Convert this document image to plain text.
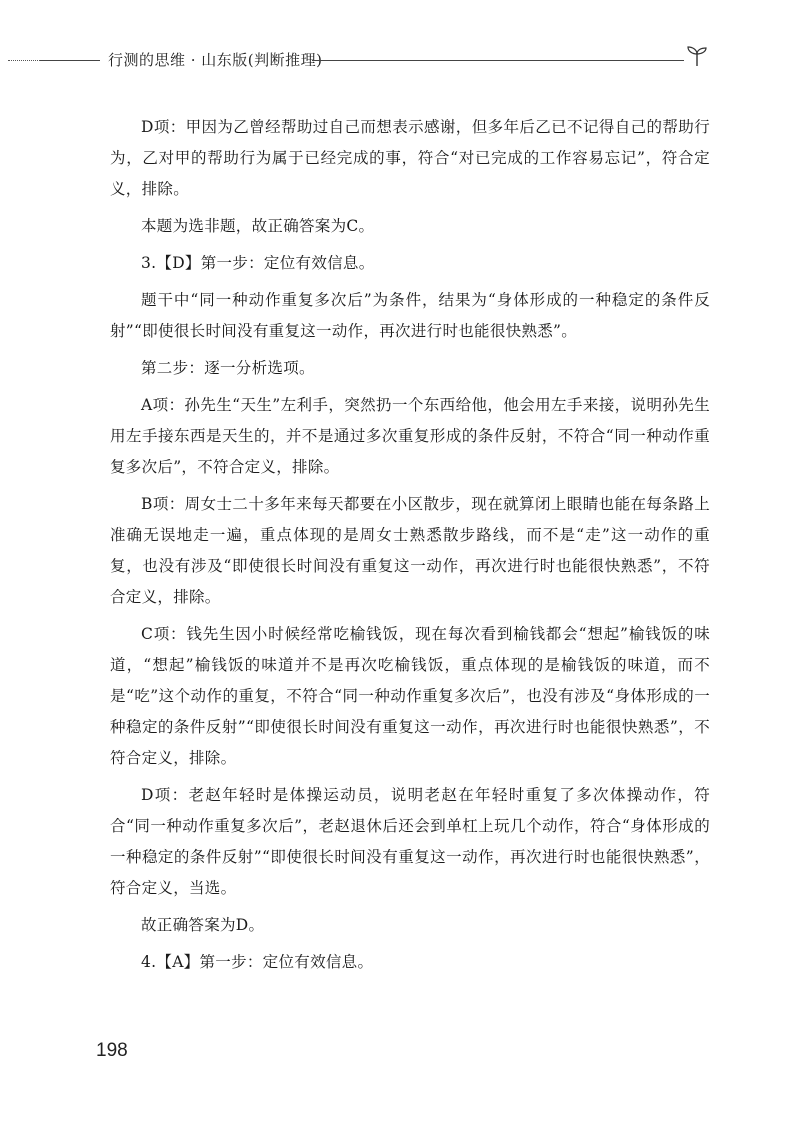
行测的思维 · 山东版(判断推理)

D项：甲因为乙曾经帮助过自己而想表示感谢，但多年后乙已不记得自己的帮助行为，乙对甲的帮助行为属于已经完成的事，符合“对已完成的工作容易忘记”，符合定义，排除。

本题为选非题，故正确答案为C。

3.【D】第一步：定位有效信息。

题干中“同一种动作重复多次后”为条件，结果为“身体形成的一种稳定的条件反射”“即使很长时间没有重复这一动作，再次进行时也能很快熟悉”。

第二步：逐一分析选项。

A项：孙先生“天生”左利手，突然扔一个东西给他，他会用左手来接，说明孙先生用左手接东西是天生的，并不是通过多次重复形成的条件反射，不符合“同一种动作重复多次后”，不符合定义，排除。

B项：周女士二十多年来每天都要在小区散步，现在就算闭上眼睛也能在每条路上准确无误地走一遍，重点体现的是周女士熟悉散步路线，而不是“走”这一动作的重复，也没有涉及“即使很长时间没有重复这一动作，再次进行时也能很快熟悉”，不符合定义，排除。

C项：钱先生因小时候经常吃榆钱饭，现在每次看到榆钱都会“想起”榆钱饭的味道，“想起”榆钱饭的味道并不是再次吃榆钱饭，重点体现的是榆钱饭的味道，而不是“吃”这个动作的重复，不符合“同一种动作重复多次后”，也没有涉及“身体形成的一种稳定的条件反射”“即使很长时间没有重复这一动作，再次进行时也能很快熟悉”，不符合定义，排除。

D项：老赵年轻时是体操运动员，说明老赵在年轻时重复了多次体操动作，符合“同一种动作重复多次后”，老赵退休后还会到单杠上玩几个动作，符合“身体形成的一种稳定的条件反射”“即使很长时间没有重复这一动作，再次进行时也能很快熟悉”，符合定义，当选。

故正确答案为D。

4.【A】第一步：定位有效信息。

198
